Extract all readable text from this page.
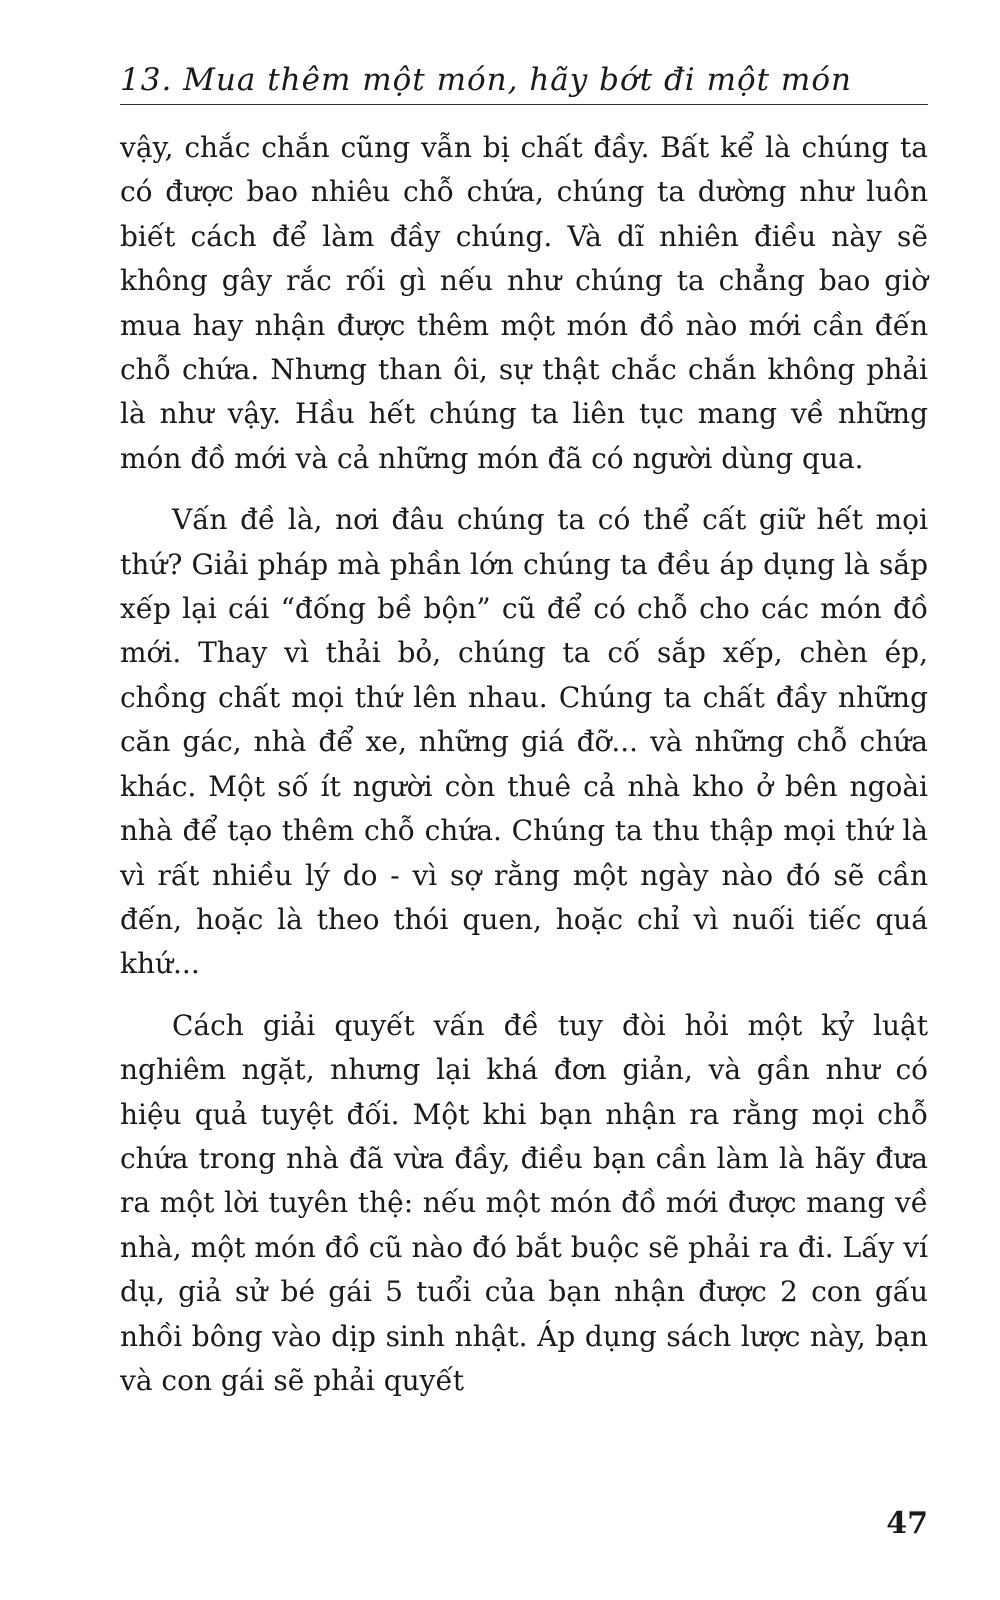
13. Mua thêm một món, hãy bớt đi một món

vậy, chắc chắn cũng vẫn bị chất đầy. Bất kể là chúng ta có được bao nhiêu chỗ chứa, chúng ta dường như luôn biết cách để làm đầy chúng. Và dĩ nhiên điều này sẽ không gây rắc rối gì nếu như chúng ta chẳng bao giờ mua hay nhận được thêm một món đồ nào mới cần đến chỗ chứa. Nhưng than ôi, sự thật chắc chắn không phải là như vậy. Hầu hết chúng ta liên tục mang về những món đồ mới và cả những món đã có người dùng qua.

Vấn đề là, nơi đâu chúng ta có thể cất giữ hết mọi thứ? Giải pháp mà phần lớn chúng ta đều áp dụng là sắp xếp lại cái “đống bề bộn” cũ để có chỗ cho các món đồ mới. Thay vì thải bỏ, chúng ta cố sắp xếp, chèn ép, chồng chất mọi thứ lên nhau. Chúng ta chất đầy những căn gác, nhà để xe, những giá đỡ... và những chỗ chứa khác. Một số ít người còn thuê cả nhà kho ở bên ngoài nhà để tạo thêm chỗ chứa. Chúng ta thu thập mọi thứ là vì rất nhiều lý do - vì sợ rằng một ngày nào đó sẽ cần đến, hoặc là theo thói quen, hoặc chỉ vì nuối tiếc quá khứ...

Cách giải quyết vấn đề tuy đòi hỏi một kỷ luật nghiêm ngặt, nhưng lại khá đơn giản, và gần như có hiệu quả tuyệt đối. Một khi bạn nhận ra rằng mọi chỗ chứa trong nhà đã vừa đầy, điều bạn cần làm là hãy đưa ra một lời tuyên thệ: nếu một món đồ mới được mang về nhà, một món đồ cũ nào đó bắt buộc sẽ phải ra đi. Lấy ví dụ, giả sử bé gái 5 tuổi của bạn nhận được 2 con gấu nhồi bông vào dịp sinh nhật. Áp dụng sách lược này, bạn và con gái sẽ phải quyết

47
